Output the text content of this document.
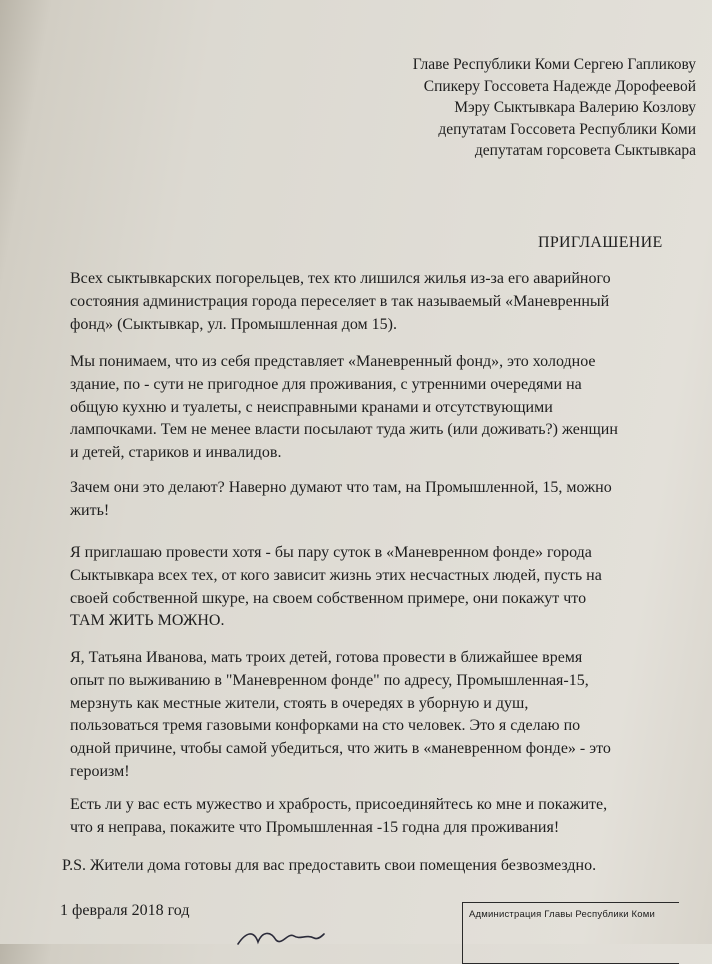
Главе Республики Коми Сергею Гапликову
Спикеру Госсовета Надежде Дорофеевой
Мэру Сыктывкара Валерию Козлову
депутатам Госсовета Республики Коми
депутатам горсовета Сыктывкара
ПРИГЛАШЕНИЕ
Всех сыктывкарских погорельцев, тех кто лишился жилья из-за его аварийного
состояния администрация города переселяет в так называемый «Маневренный
фонд» (Сыктывкар, ул. Промышленная дом 15).
Мы понимаем, что из себя представляет «Маневренный фонд», это холодное
здание, по - сути не пригодное для проживания, с утренними очередями на
общую кухню и туалеты, с неисправными кранами и отсутствующими
лампочками. Тем не менее власти посылают туда жить (или доживать?) женщин
и детей, стариков и инвалидов.
Зачем они это делают? Наверно думают что там, на Промышленной, 15, можно
жить!
Я приглашаю провести хотя - бы пару суток в «Маневренном фонде» города
Сыктывкара всех тех, от кого зависит жизнь этих несчастных людей, пусть на
своей собственной шкуре, на своем собственном примере, они покажут что
ТАМ ЖИТЬ МОЖНО.
Я, Татьяна Иванова, мать троих детей, готова провести в ближайшее время
опыт по выживанию в "Маневренном фонде" по адресу, Промышленная-15,
мерзнуть как местные жители, стоять в очередях в уборную и душ,
пользоваться тремя газовыми конфорками на сто человек. Это я сделаю по
одной причине, чтобы самой убедиться, что жить в «маневренном фонде» - это
героизм!
Есть ли у вас есть мужество и храбрость, присоединяйтесь ко мне и покажите,
что я неправа, покажите что Промышленная -15 годна для проживания!
P.S. Жители дома готовы для вас предоставить свои помещения безвозмездно.
1 февраля 2018 год	Администрация Главы Республики Коми
